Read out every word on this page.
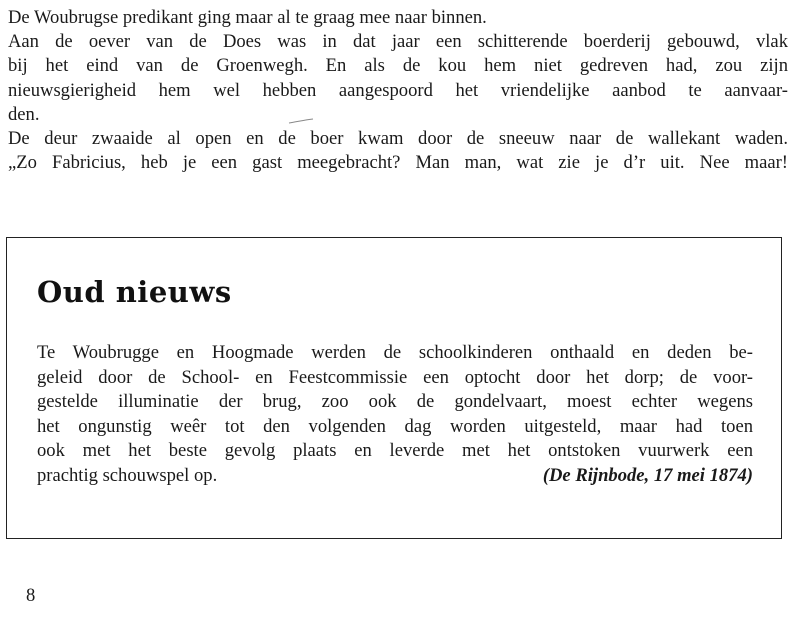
De Woubrugse predikant ging maar al te graag mee naar binnen.
Aan de oever van de Does was in dat jaar een schitterende boerderij gebouwd, vlak
bij het eind van de Groenwegh. En als de kou hem niet gedreven had, zou zijn
nieuwsgierigheid hem wel hebben aangespoord het vriendelijke aanbod te aanvaar-
den.
De deur zwaaide al open en de boer kwam door de sneeuw naar de wallekant waden.
„Zo Fabricius, heb je een gast meegebracht? Man man, wat zie je d’r uit. Nee maar!
Oud nieuws
Te Woubrugge en Hoogmade werden de schoolkinderen onthaald en deden be-
geleid door de School- en Feestcommissie een optocht door het dorp; de voor-
gestelde illuminatie der brug, zoo ook de gondelvaart, moest echter wegens
het ongunstig weêr tot den volgenden dag worden uitgesteld, maar had toen
ook met het beste gevolg plaats en leverde met het ontstoken vuurwerk een
prachtig schouwspel op.	(De Rijnbode, 17 mei 1874)
8
